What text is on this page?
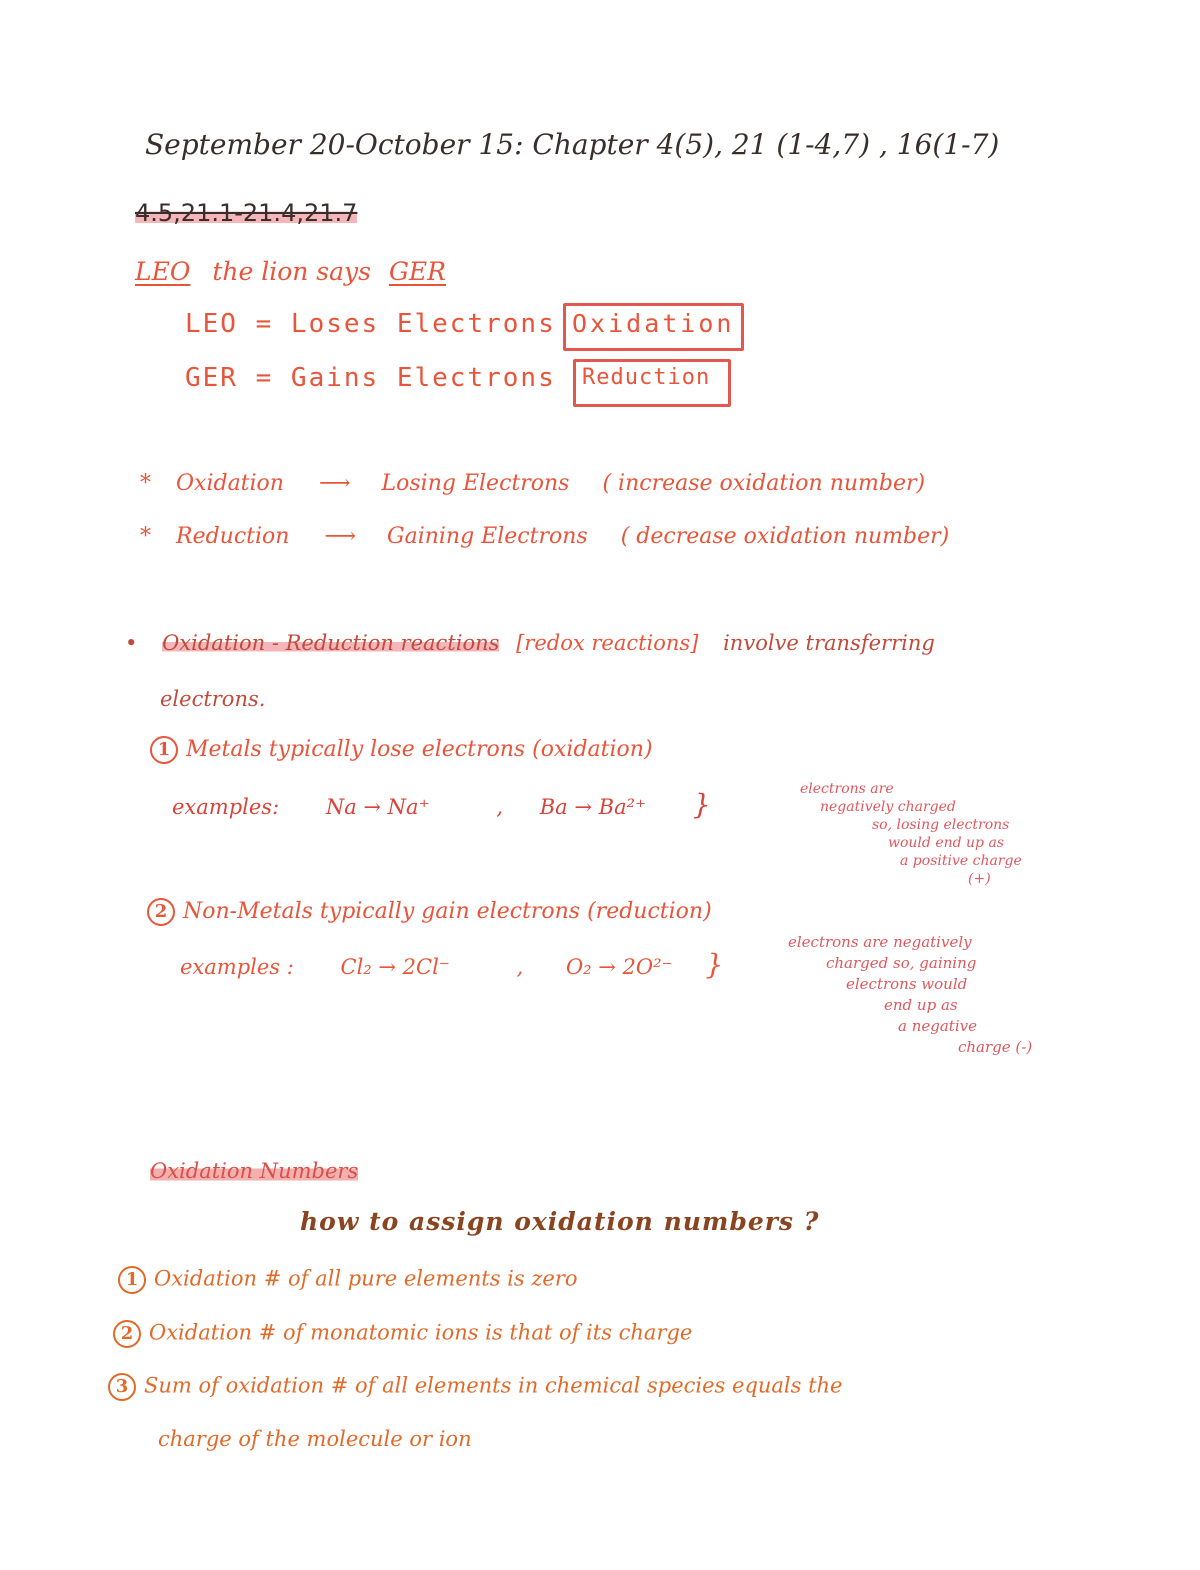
September 20-October 15: Chapter 4(5), 21 (1-4,7) , 16(1-7)
4.5,21.1-21.4,21.7
LEO the lion says GER
LEO = Loses Electrons Oxidation
GER = Gains Electrons Reduction
* Oxidation ⟶ Losing Electrons ( increase oxidation number)
* Reduction ⟶ Gaining Electrons ( decrease oxidation number)
• Oxidation - Reduction reactions [redox reactions] involve transferring
electrons.
1 Metals typically lose electrons (oxidation)
examples: Na → Na⁺	, Ba → Ba²⁺ }	electrons are
negatively charged
so, losing electrons
would end up as
a positive charge
(+)
2 Non-Metals typically gain electrons (reduction)
examples : Cl₂ → 2Cl⁻	, O₂ → 2O²⁻ }
electrons are negatively
charged so, gaining
electrons would
end up as
a negative
charge (-)
Oxidation Numbers
how to assign oxidation numbers ?
1 Oxidation # of all pure elements is zero
2 Oxidation # of monatomic ions is that of its charge
3 Sum of oxidation # of all elements in chemical species equals the
charge of the molecule or ion
